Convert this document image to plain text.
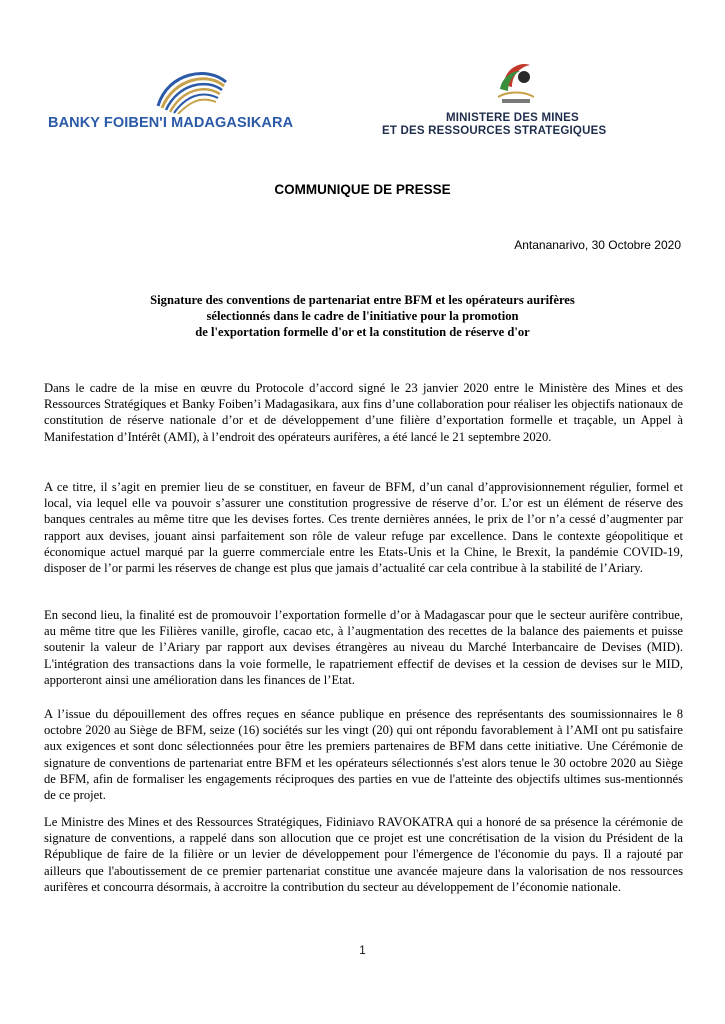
BANKY FOIBEN'I MADAGASIKARA	MINISTERE DES MINES
ET DES RESSOURCES STRATEGIQUES
COMMUNIQUE DE PRESSE
Antananarivo, 30 Octobre 2020
Signature des conventions de partenariat entre BFM et les opérateurs aurifères
sélectionnés dans le cadre de l'initiative pour la promotion
de l'exportation formelle d'or et la constitution de réserve d'or
Dans le cadre de la mise en œuvre du Protocole d’accord signé le 23 janvier 2020 entre le Ministère des Mines et des Ressources Stratégiques et Banky Foiben’i Madagasikara, aux fins d’une collaboration pour réaliser les objectifs nationaux de constitution de réserve nationale d’or et de développement d’une filière d’exportation formelle et traçable, un Appel à Manifestation d’Intérêt (AMI), à l’endroit des opérateurs aurifères, a été lancé le 21 septembre 2020.
A ce titre, il s’agit en premier lieu de se constituer, en faveur de BFM, d’un canal d’approvisionnement régulier, formel et local, via lequel elle va pouvoir s’assurer une constitution progressive de réserve d’or. L’or est un élément de réserve des banques centrales au même titre que les devises fortes. Ces trente dernières années, le prix de l’or n’a cessé d’augmenter par rapport aux devises, jouant ainsi parfaitement son rôle de valeur refuge par excellence. Dans le contexte géopolitique et économique actuel marqué par la guerre commerciale entre les Etats-Unis et la Chine, le Brexit, la pandémie COVID-19, disposer de l’or parmi les réserves de change est plus que jamais d’actualité car cela contribue à la stabilité de l’Ariary.
En second lieu, la finalité est de promouvoir l’exportation formelle d’or à Madagascar pour que le secteur aurifère contribue, au même titre que les Filières vanille, girofle, cacao etc, à l’augmentation des recettes de la balance des paiements et puisse soutenir la valeur de l’Ariary par rapport aux devises étrangères au niveau du Marché Interbancaire de Devises (MID). L'intégration des transactions dans la voie formelle, le rapatriement effectif de devises et la cession de devises sur le MID, apporteront ainsi une amélioration dans les finances de l’Etat.
A l’issue du dépouillement des offres reçues en séance publique en présence des représentants des soumissionnaires le 8 octobre 2020 au Siège de BFM, seize (16) sociétés sur les vingt (20) qui ont répondu favorablement à l’AMI ont pu satisfaire aux exigences et sont donc sélectionnées pour être les premiers partenaires de BFM dans cette initiative. Une Cérémonie de signature de conventions de partenariat entre BFM et les opérateurs sélectionnés s'est alors tenue le 30 octobre 2020 au Siège de BFM, afin de formaliser les engagements réciproques des parties en vue de l'atteinte des objectifs ultimes sus-mentionnés de ce projet.
Le Ministre des Mines et des Ressources Stratégiques, Fidiniavo RAVOKATRA qui a honoré de sa présence la cérémonie de signature de conventions, a rappelé dans son allocution que ce projet est une concrétisation de la vision du Président de la République de faire de la filière or un levier de développement pour l'émergence de l'économie du pays. Il a rajouté par ailleurs que l'aboutissement de ce premier partenariat constitue une avancée majeure dans la valorisation de nos ressources aurifères et concourra désormais, à accroitre la contribution du secteur au développement de l’économie nationale.
1
